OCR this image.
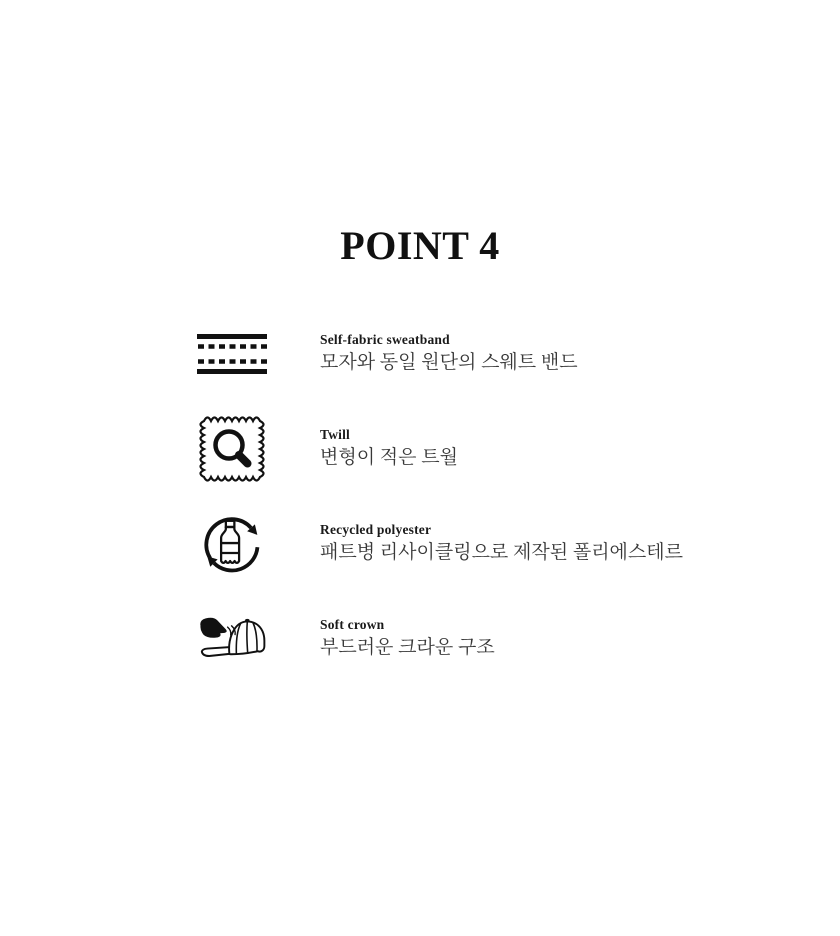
POINT 4
Self-fabric sweatband
모자와 동일 원단의 스웨트 밴드
Twill
변형이 적은 트월
Recycled polyester
패트병 리사이클링으로 제작된 폴리에스테르
Soft crown
부드러운 크라운 구조
